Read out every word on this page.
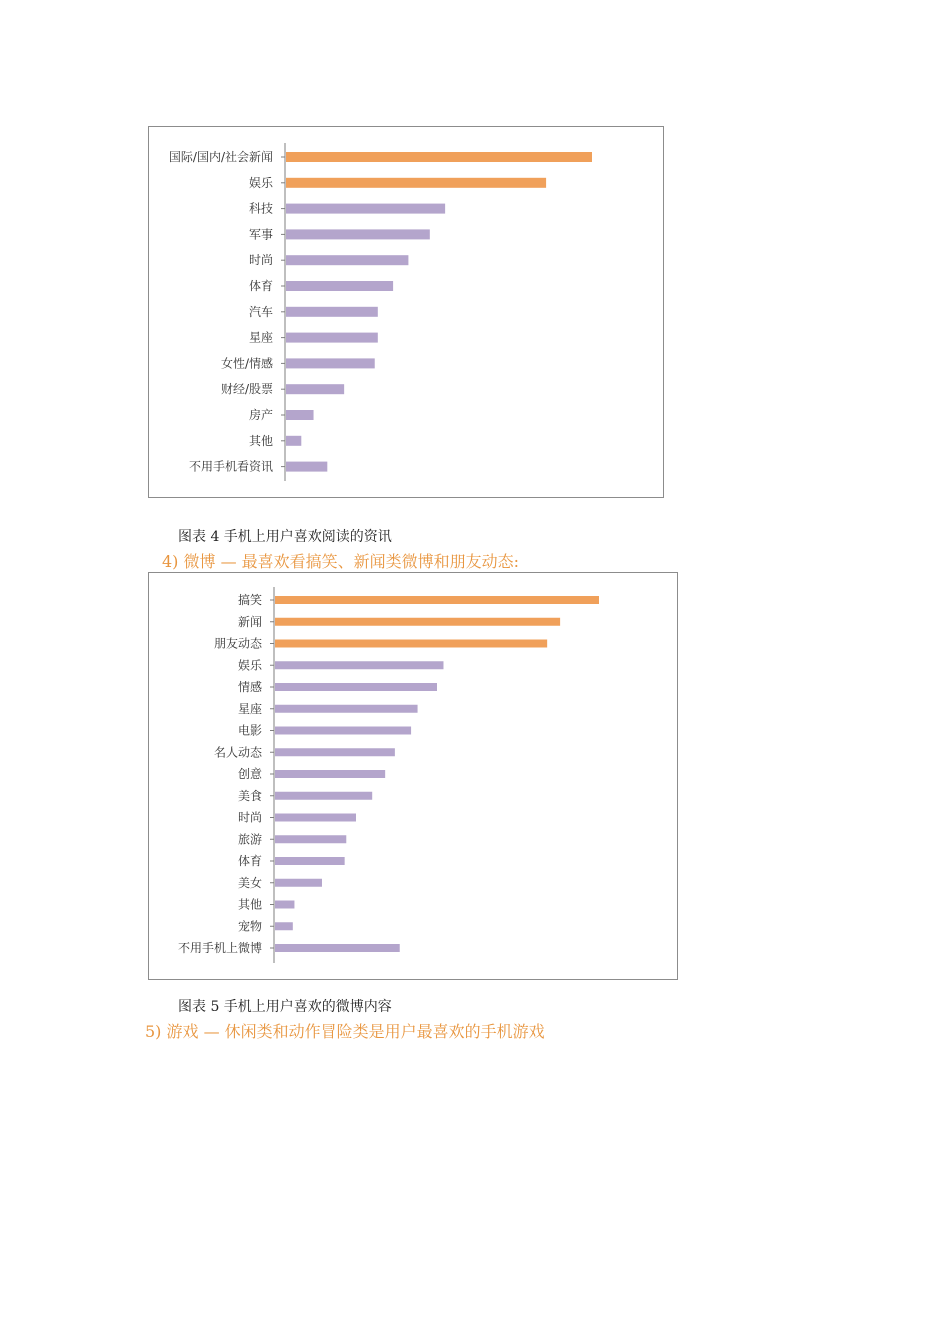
国际/国内/社会新闻
娱乐
科技
军事
时尚
体育
汽车
星座
女性/情感
财经/股票
房产
其他
不用手机看资讯
图表 4 手机上用户喜欢阅读的资讯
4) 微博 — 最喜欢看搞笑、新闻类微博和朋友动态:
搞笑
新闻
朋友动态
娱乐
情感
星座
电影
名人动态
创意
美食
时尚
旅游
体育
美女
其他
宠物
不用手机上微博
图表 5 手机上用户喜欢的微博内容
5) 游戏 — 休闲类和动作冒险类是用户最喜欢的手机游戏
